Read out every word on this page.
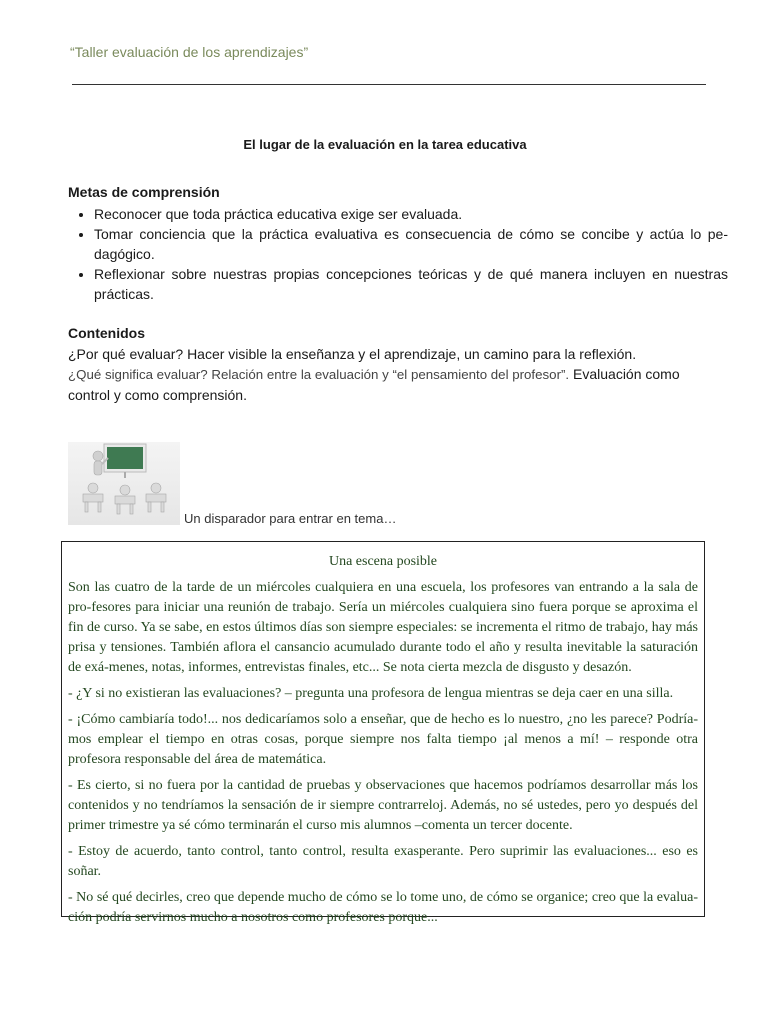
“Taller evaluación de los aprendizajes”
El lugar de la evaluación en la tarea educativa
Metas de comprensión
• Reconocer que toda práctica educativa exige ser evaluada.
• Tomar conciencia que la práctica evaluativa es consecuencia de cómo se concibe y actúa lo pe-dagógico.
• Reflexionar sobre nuestras propias concepciones teóricas y de qué manera incluyen en nuestras prácticas.
Contenidos
¿Por qué evaluar? Hacer visible la enseñanza y el aprendizaje, un camino para la reflexión.
¿Qué significa evaluar? Relación entre la evaluación y “el pensamiento del profesor”. Evaluación como control y como comprensión.
Un disparador para entrar en tema…

Una escena posible

Son las cuatro de la tarde de un miércoles cualquiera en una escuela, los profesores van entrando a la sala de pro-fesores para iniciar una reunión de trabajo. Sería un miércoles cualquiera sino fuera porque se aproxima el fin de curso. Ya se sabe, en estos últimos días son siempre especiales: se incrementa el ritmo de trabajo, hay más prisa y tensiones. También aflora el cansancio acumulado durante todo el año y resulta inevitable la saturación de exá-menes, notas, informes, entrevistas finales, etc... Se nota cierta mezcla de disgusto y desazón.

- ¿Y si no existieran las evaluaciones? – pregunta una profesora de lengua mientras se deja caer en una silla.

- ¡Cómo cambiaría todo!... nos dedicaríamos solo a enseñar, que de hecho es lo nuestro, ¿no les parece? Podría-mos emplear el tiempo en otras cosas, porque siempre nos falta tiempo ¡al menos a mí! – responde otra profesora responsable del área de matemática.

- Es cierto, si no fuera por la cantidad de pruebas y observaciones que hacemos podríamos desarrollar más los contenidos y no tendríamos la sensación de ir siempre contrarreloj. Además, no sé ustedes, pero yo después del primer trimestre ya sé cómo terminarán el curso mis alumnos –comenta un tercer docente.

- Estoy de acuerdo, tanto control, tanto control, resulta exasperante. Pero suprimir las evaluaciones... eso es soñar.

- No sé qué decirles, creo que depende mucho de cómo se lo tome uno, de cómo se organice; creo que la evalua-ción podría servirnos mucho a nosotros como profesores porque...
